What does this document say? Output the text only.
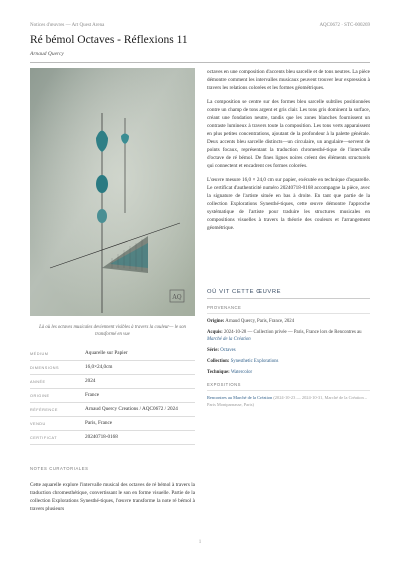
Notices d'œuvres — Art Quest Arena	AQC0672 · STC-000269
Ré bémol Octaves - Réflexions 11
Arnaud Quercy
AQ
Là où les octaves musicales deviennent visibles à travers la couleur— le son transformé en vue
MÉDIUM	Aquarelle sur Papier
DIMENSIONS	16,0×24,0cm
ANNÉE	2024
ORIGINE	France
RÉFÉRENCE	Arnaud Quercy Creations / AQC0672 / 2024
VENDU	Paris, France
CERTIFICAT	20240718-0168
NOTES CURATORIALES
Cette aquarelle explore l'intervalle musical des octaves de ré bémol à travers la traduction chromesthétique, convertissant le son en forme visuelle. Partie de la collection Explorations Synesthé-tiques, l'œuvre transforme la note ré bémol à travers plusieurs

octaves en une composition d'accents bleu sarcelle et de tons neutres. La pièce démontre comment les intervalles musicaux peuvent trouver leur expression à travers les relations colorées et les formes géométriques.

La composition se centre sur des formes bleu sarcelle subtiles positionnées contre un champ de tons argent et gris clair. Les tons gris dominent la surface, créant une fondation neutre, tandis que les zones blanches fournissent un contraste lumineux à travers toute la composition. Les tons verts apparaissent en plus petites concentrations, ajoutant de la profondeur à la palette générale. Deux accents bleu sarcelle distincts—un circulaire, un angulaire—servent de points focaux, représentant la traduction chromesthé-tique de l'intervalle d'octave de ré bémol. De fines lignes noires créent des éléments structurels qui connectent et encadrent ces formes colorées.

L'œuvre mesure 16,0 × 24,0 cm sur papier, exécutée en technique d'aquarelle. Le certificat d'authenticité numéro 20240718-0168 accompagne la pièce, avec la signature de l'artiste située en bas à droite. En tant que partie de la collection Explorations Synesthé-tiques, cette œuvre démontre l'approche systématique de l'artiste pour traduire les structures musicales en compositions visuelles à travers la théorie des couleurs et l'arrangement géométrique.

OÙ VIT CETTE ŒUVRE
PROVENANCE
Origine: Arnaud Quercy, Paris, France, 2024
Acquis: 2024-10-28 — Collection privée — Paris, France lors de Rencontres au Marché de la Création
Série: Octaves
Collection: Synesthetic Explorations
Technique: Watercolor
EXPOSITIONS
Rencontres au Marché de la Création (2024-10-23 — 2024-10-31, Marché de la Création – Paris Montparnasse, Paris)
1
